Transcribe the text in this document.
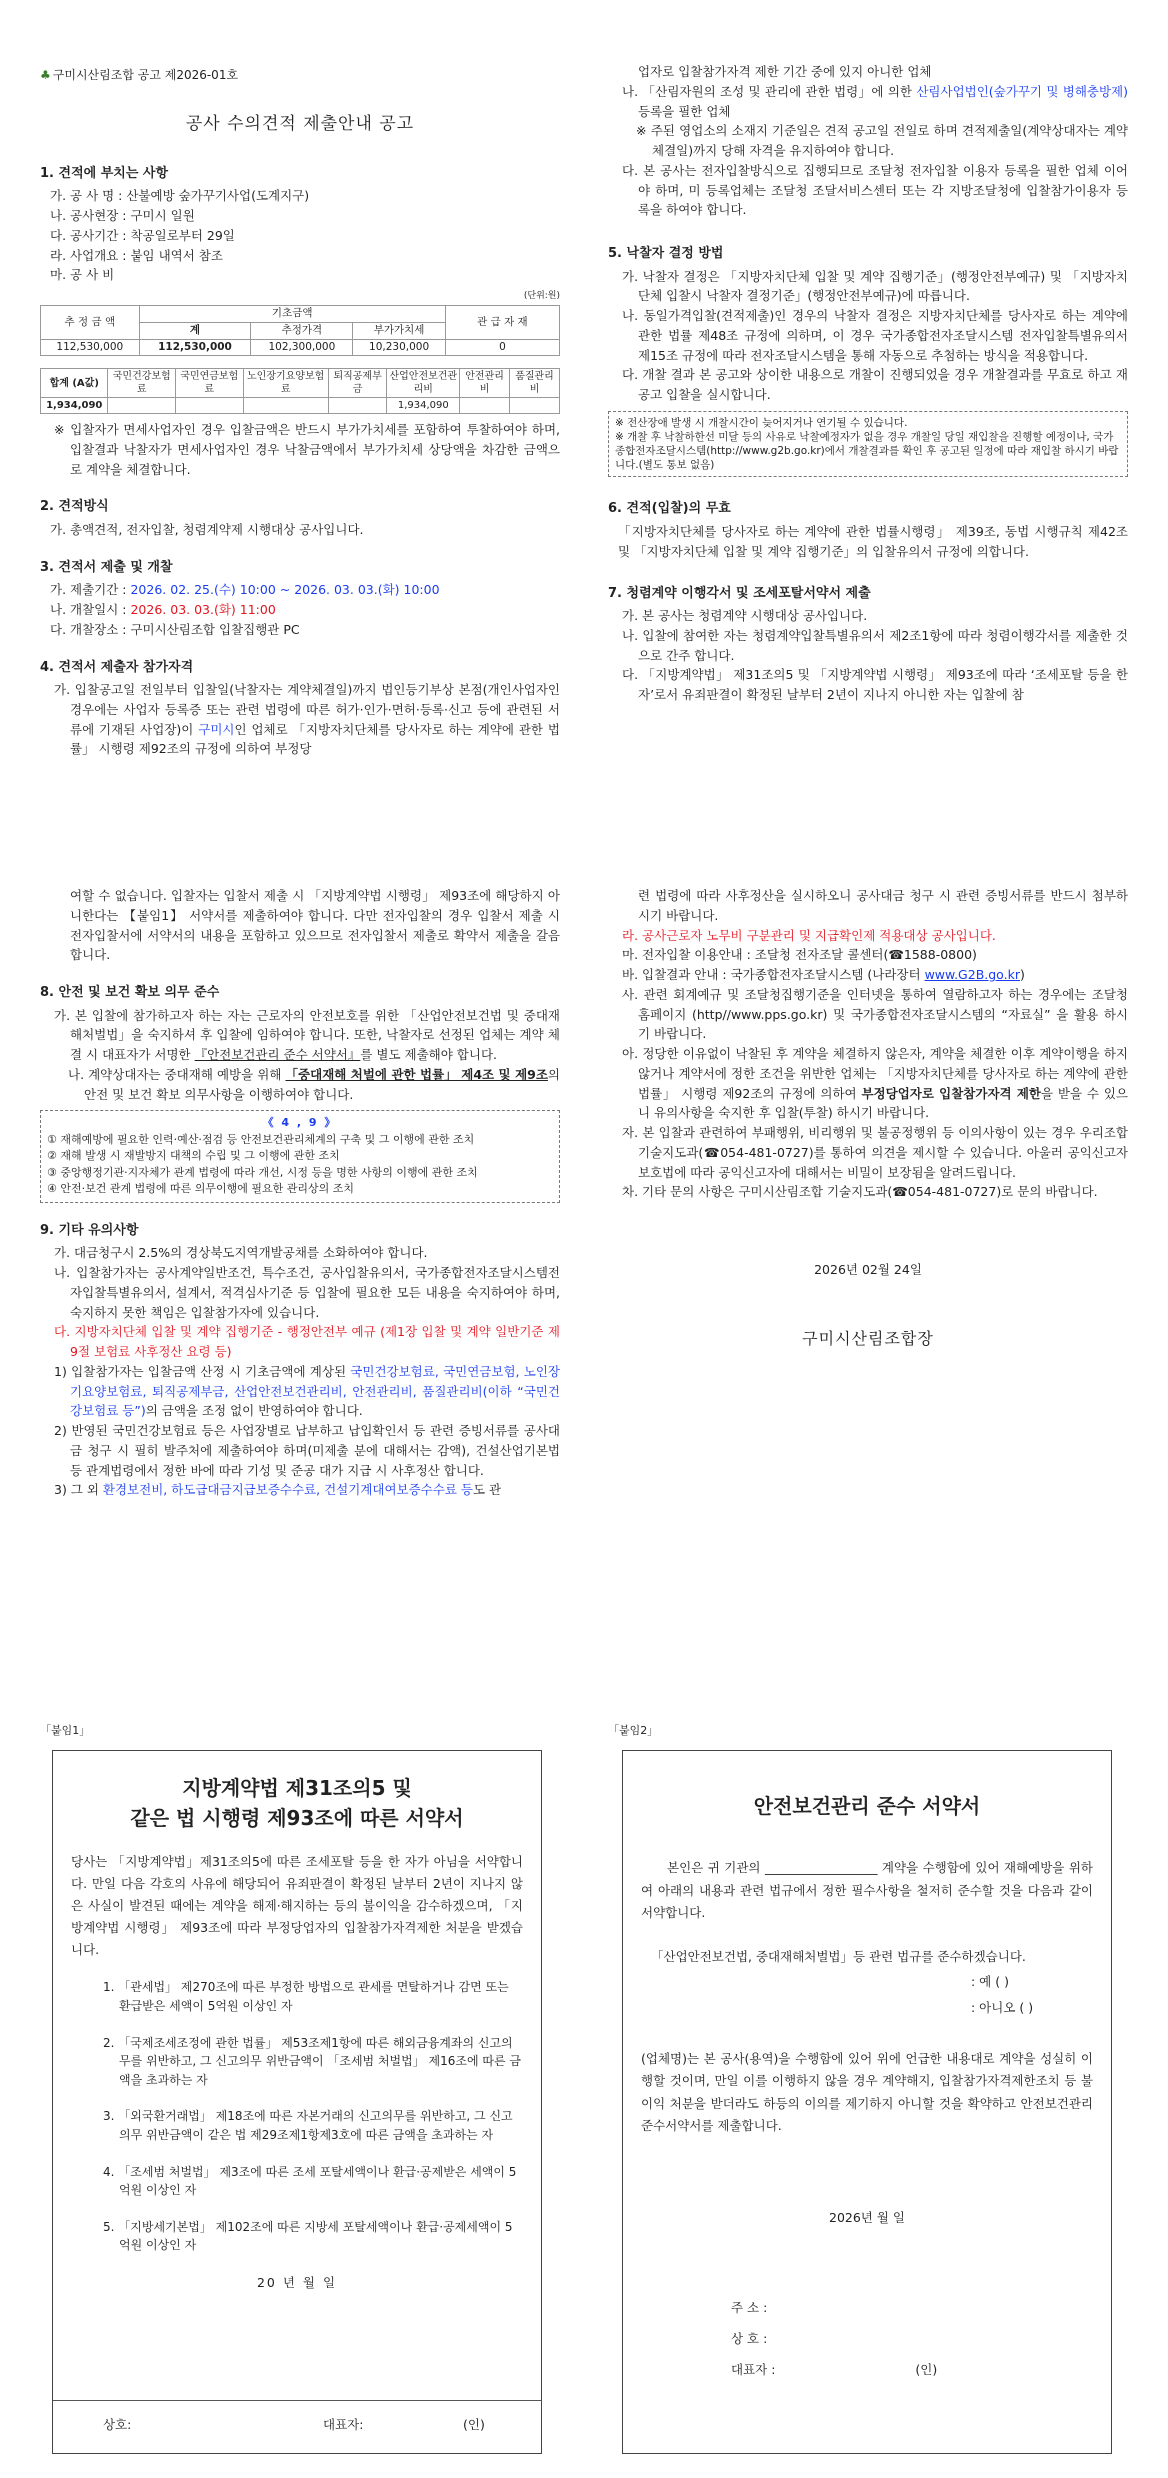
♣ 구미시산림조합 공고 제2026-01호
공사 수의견적 제출안내 공고
1. 견적에 부치는 사항
가. 공 사 명 : 산불예방 숲가꾸기사업(도계지구)
나. 공사현장 : 구미시 일원
다. 공사기간 : 착공일로부터 29일
라. 사업개요 : 붙임 내역서 참조
마. 공 사 비
(단위:원)
추 정 금 액	기초금액			관 급 자 재
	계	추정가격	부가가치세	
112,530,000	112,530,000	102,300,000	10,230,000	0
합계 (A값)	국민건강보험료	국민연금보험료	노인장기요양보험료	퇴직공제부금	산업안전보건관리비	안전관리비	품질관리비
1,934,090					1,934,090		
※ 입찰자가 면세사업자인 경우 입찰금액은 반드시 부가가치세를 포함하여 투찰하여야 하며, 입찰결과 낙찰자가 면세사업자인 경우 낙찰금액에서 부가가치세 상당액을 차감한 금액으로 계약을 체결합니다.
2. 견적방식
가. 총액견적, 전자입찰, 청렴계약제 시행대상 공사입니다.
3. 견적서 제출 및 개찰
가. 제출기간 : 2026. 02. 25.(수) 10:00 ~ 2026. 03. 03.(화) 10:00
나. 개찰일시 : 2026. 03. 03.(화) 11:00
다. 개찰장소 : 구미시산림조합 입찰집행관 PC
4. 견적서 제출자 참가자격
가. 입찰공고일 전일부터 입찰일(낙찰자는 계약체결일)까지 법인등기부상 본점(개인사업자인 경우에는 사업자 등록증 또는 관련 법령에 따른 허가·인가·면허·등록·신고 등에 관련된 서류에 기재된 사업장)이 구미시인 업체로 「지방자치단체를 당사자로 하는 계약에 관한 법률」 시행령 제92조의 규정에 의하여 부정당
업자로 입찰참가자격 제한 기간 중에 있지 아니한 업체
나. 「산림자원의 조성 및 관리에 관한 법령」에 의한 산림사업법인(숲가꾸기 및 병해충방제)등록을 필한 업체
※ 주된 영업소의 소재지 기준일은 견적 공고일 전일로 하며 견적제출일(계약상대자는 계약체결일)까지 당해 자격을 유지하여야 합니다.
다. 본 공사는 전자입찰방식으로 집행되므로 조달청 전자입찰 이용자 등록을 필한 업체 이어야 하며, 미 등록업체는 조달청 조달서비스센터 또는 각 지방조달청에 입찰참가이용자 등록을 하여야 합니다.
5. 낙찰자 결정 방법
가. 낙찰자 결정은 「지방자치단체 입찰 및 계약 집행기준」(행정안전부예규) 및 「지방자치단체 입찰시 낙찰자 결정기준」(행정안전부예규)에 따릅니다.
나. 동일가격입찰(견적제출)인 경우의 낙찰자 결정은 지방자치단체를 당사자로 하는 계약에 관한 법률 제48조 규정에 의하며, 이 경우 국가종합전자조달시스템 전자입찰특별유의서 제15조 규정에 따라 전자조달시스템을 통해 자동으로 추첨하는 방식을 적용합니다.
다. 개찰 결과 본 공고와 상이한 내용으로 개찰이 진행되었을 경우 개찰결과를 무효로 하고 재공고 입찰을 실시합니다.
※ 전산장애 발생 시 개찰시간이 늦어지거나 연기될 수 있습니다.
※ 개찰 후 낙찰하한선 미달 등의 사유로 낙찰예정자가 없을 경우 개찰일 당일 재입찰을 진행할 예정이나, 국가종합전자조달시스템(http://www.g2b.go.kr)에서 개찰결과를 확인 후 공고된 일정에 따라 재입찰 하시기 바랍니다.(별도 통보 없음)
6. 견적(입찰)의 무효
「지방자치단체를 당사자로 하는 계약에 관한 법률시행령」 제39조, 동법 시행규칙 제42조 및 「지방자치단체 입찰 및 계약 집행기준」의 입찰유의서 규정에 의합니다.
7. 청렴계약 이행각서 및 조세포탈서약서 제출
가. 본 공사는 청렴계약 시행대상 공사입니다.
나. 입찰에 참여한 자는 청렴계약입찰특별유의서 제2조1항에 따라 청렴이행각서를 제출한 것으로 간주 합니다.
다. 「지방계약법」 제31조의5 및 「지방계약법 시행령」 제93조에 따라 ‘조세포탈 등을 한 자’로서 유죄판결이 확정된 날부터 2년이 지나지 아니한 자는 입찰에 참
여할 수 없습니다. 입찰자는 입찰서 제출 시 「지방계약법 시행령」 제93조에 해당하지 아니한다는 【붙임1】 서약서를 제출하여야 합니다. 다만 전자입찰의 경우 입찰서 제출 시 전자입찰서에 서약서의 내용을 포함하고 있으므로 전자입찰서 제출로 확약서 제출을 갈음합니다.
8. 안전 및 보건 확보 의무 준수
가. 본 입찰에 참가하고자 하는 자는 근로자의 안전보호를 위한 「산업안전보건법 및 중대재해처벌법」을 숙지하셔 후 입찰에 임하여야 합니다. 또한, 낙찰자로 선정된 업체는 계약 체결 시 대표자가 서명한 『안전보건관리 준수 서약서』를 별도 제출해야 합니다.
나. 계약상대자는 중대재해 예방을 위해 「중대재해 처벌에 관한 법률」 제4조 및 제9조의 안전 및 보건 확보 의무사항을 이행하여야 합니다.
《 4 , 9 》
① 재해예방에 필요한 인력·예산·점검 등 안전보건관리체계의 구축 및 그 이행에 관한 조치
② 재해 발생 시 재발방지 대책의 수립 및 그 이행에 관한 조치
③ 중앙행정기관·지자체가 관계 법령에 따라 개선, 시정 등을 명한 사항의 이행에 관한 조치
④ 안전·보건 관계 법령에 따른 의무이행에 필요한 관리상의 조치
9. 기타 유의사항
가. 대금청구시 2.5%의 경상북도지역개발공채를 소화하여야 합니다.
나. 입찰참가자는 공사계약일반조건, 특수조건, 공사입찰유의서, 국가종합전자조달시스템전자입찰특별유의서, 설계서, 적격심사기준 등 입찰에 필요한 모든 내용을 숙지하여야 하며, 숙지하지 못한 책임은 입찰참가자에 있습니다.
다. 지방자치단체 입찰 및 계약 집행기준 - 행정안전부 예규 (제1장 입찰 및 계약 일반기준 제9절 보험료 사후정산 요령 등)
1) 입찰참가자는 입찰금액 산정 시 기초금액에 계상된 국민건강보험료, 국민연금보험, 노인장기요양보험료, 퇴직공제부금, 산업안전보건관리비, 안전관리비, 품질관리비(이하 “국민건강보험료 등”)의 금액을 조정 없이 반영하여야 합니다.
2) 반영된 국민건강보험료 등은 사업장별로 납부하고 납입확인서 등 관련 증빙서류를 공사대금 청구 시 필히 발주처에 제출하여야 하며(미제출 분에 대해서는 감액), 건설산업기본법 등 관계법령에서 정한 바에 따라 기성 및 준공 대가 지급 시 사후정산 합니다.
3) 그 외 환경보전비, 하도급대금지급보증수수료, 건설기계대여보증수수료 등도 관
련 법령에 따라 사후정산을 실시하오니 공사대금 청구 시 관련 증빙서류를 반드시 첨부하시기 바랍니다.
라. 공사근로자 노무비 구분관리 및 지급확인제 적용대상 공사입니다.
마. 전자입찰 이용안내 : 조달청 전자조달 콜센터(☎1588-0800)
바. 입찰결과 안내 : 국가종합전자조달시스템 (나라장터 www.G2B.go.kr)
사. 관련 회계예규 및 조달청집행기준을 인터넷을 통하여 열람하고자 하는 경우에는 조달청 홈페이지 (http//www.pps.go.kr) 및 국가종합전자조달시스템의 “자료실” 을 활용 하시기 바랍니다.
아. 정당한 이유없이 낙찰된 후 계약을 체결하지 않은자, 계약을 체결한 이후 계약이행을 하지 않거나 계약서에 정한 조건을 위반한 업체는 「지방자치단체를 당사자로 하는 계약에 관한 법률」 시행령 제92조의 규정에 의하여 부정당업자로 입찰참가자격 제한을 받을 수 있으니 유의사항을 숙지한 후 입찰(투찰) 하시기 바랍니다.
자. 본 입찰과 관련하여 부패행위, 비리행위 및 불공정행위 등 이의사항이 있는 경우 우리조합 기술지도과(☎054-481-0727)를 통하여 의견을 제시할 수 있습니다. 아울러 공익신고자보호법에 따라 공익신고자에 대해서는 비밀이 보장됨을 알려드립니다.
차. 기타 문의 사항은 구미시산림조합 기술지도과(☎054-481-0727)로 문의 바랍니다.
2026년 02월 24일
구미시산림조합장
「붙임1」
지방계약법 제31조의5 및
같은 법 시행령 제93조에 따른 서약서
당사는 「지방계약법」제31조의5에 따른 조세포탈 등을 한 자가 아님을 서약합니다. 만일 다음 각호의 사유에 해당되어 유죄판결이 확정된 날부터 2년이 지나지 않은 사실이 발견된 때에는 계약을 해제·해지하는 등의 불이익을 감수하겠으며, 「지방계약법 시행령」 제93조에 따라 부정당업자의 입찰참가자격제한 처분을 받겠습니다.
1. 「관세법」 제270조에 따른 부정한 방법으로 관세를 면탈하거나 감면 또는 환급받은 세액이 5억원 이상인 자
2. 「국제조세조정에 관한 법률」 제53조제1항에 따른 해외금융계좌의 신고의무를 위반하고, 그 신고의무 위반금액이 「조세범 처벌법」 제16조에 따른 금액을 초과하는 자
3. 「외국환거래법」 제18조에 따른 자본거래의 신고의무를 위반하고, 그 신고의무 위반금액이 같은 법 제29조제1항제3호에 따른 금액을 초과하는 자
4. 「조세범 처벌법」 제3조에 따른 조세 포탈세액이나 환급·공제받은 세액이 5억원 이상인 자
5. 「지방세기본법」 제102조에 따른 지방세 포탈세액이나 환급·공제세액이 5억원 이상인 자
20 년 월 일
상호:	대표자:	(인)
「붙임2」
안전보건관리 준수 서약서
본인은 귀 기관의 __________________ 계약을 수행함에 있어 재해예방을 위하여 아래의 내용과 관련 법규에서 정한 필수사항을 철저히 준수할 것을 다음과 같이 서약합니다.
「산업안전보건법, 중대재해처벌법」등 관련 법규를 준수하겠습니다.
: 예 ( )
: 아니오 ( )
(업체명)는 본 공사(용역)을 수행함에 있어 위에 언급한 내용대로 계약을 성실히 이행할 것이며, 만일 이를 이행하지 않을 경우 계약해지, 입찰참가자격제한조치 등 불이익 처분을 받더라도 하등의 이의를 제기하지 아니할 것을 확약하고 안전보건관리 준수서약서를 제출합니다.
2026년 월 일
주 소 :
상 호 :
대표자 :	(인)
